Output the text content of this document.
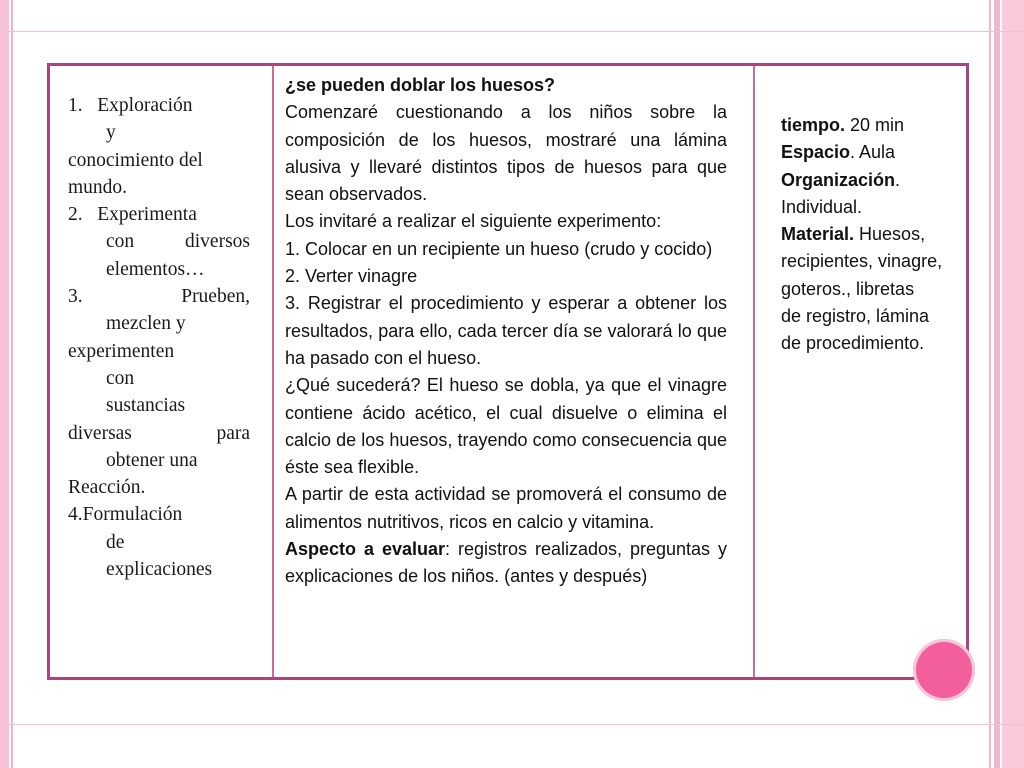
1. Exploración
y
conocimiento del
mundo.
2. Experimenta
con	diversos
elementos…
3.	Prueben,
mezclen y
experimenten
con
sustancias
diversas	para
obtener una
Reacción.
4.Formulación
de
explicaciones

¿se pueden doblar los huesos?

Comenzaré cuestionando a los niños sobre la composición de los huesos, mostraré una lámina alusiva y llevaré distintos tipos de huesos para que sean observados.

Los invitaré a realizar el siguiente experimento:

1. Colocar en un recipiente un hueso (crudo y cocido)

2. Verter vinagre

3. Registrar el procedimiento y esperar a obtener los resultados, para ello, cada tercer día se valorará lo que ha pasado con el hueso.

¿Qué sucederá? El hueso se dobla, ya que el vinagre contiene ácido acético, el cual disuelve o elimina el calcio de los huesos, trayendo como consecuencia que éste sea flexible.

A partir de esta actividad se promoverá el consumo de alimentos nutritivos, ricos en calcio y vitamina.

Aspecto a evaluar: registros realizados, preguntas y explicaciones de los niños. (antes y después)

tiempo. 20 min
Espacio. Aula
Organización.
Individual.
Material. Huesos,
recipientes, vinagre,
goteros., libretas
de registro, lámina
de procedimiento.
